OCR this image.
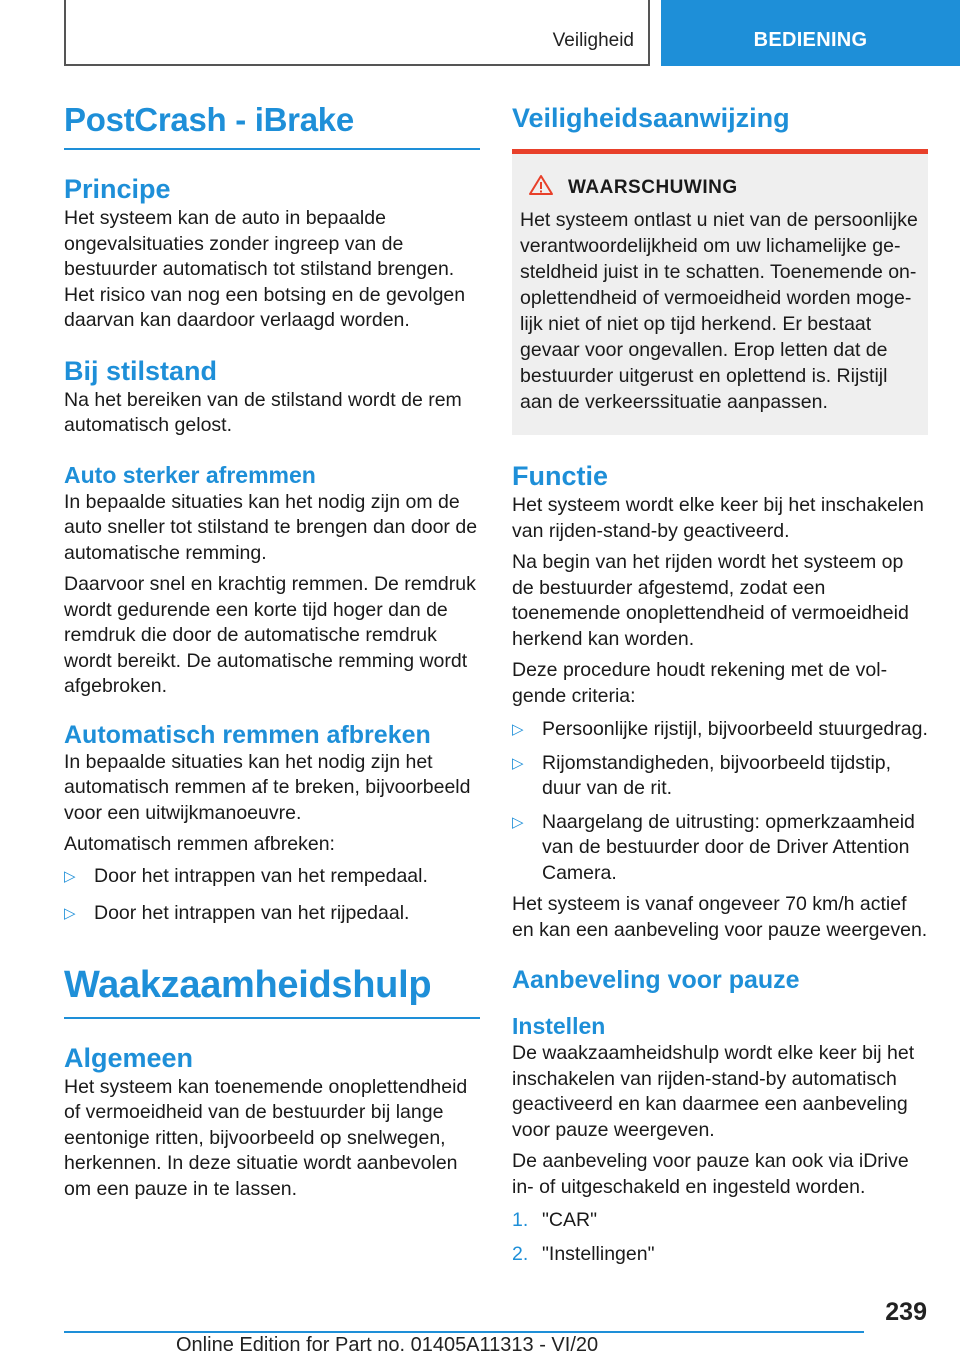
Veiligheid	BEDIENING
PostCrash - iBrake
Principe

Het systeem kan de auto in bepaalde ongevalsituaties zonder ingreep van de bestuurder automatisch tot stilstand brengen. Het risico van nog een botsing en de gevolgen daarvan kan daardoor verlaagd worden.

Bij stilstand

Na het bereiken van de stilstand wordt de rem automatisch gelost.

Auto sterker afremmen

In bepaalde situaties kan het nodig zijn om de auto sneller tot stilstand te brengen dan door de automatische remming.

Daarvoor snel en krachtig remmen. De remdruk wordt gedurende een korte tijd hoger dan de remdruk die door de automatische remdruk wordt bereikt. De automatische remming wordt afgebroken.

Automatisch remmen afbreken

In bepaalde situaties kan het nodig zijn het automatisch remmen af te breken, bijvoorbeeld voor een uitwijkmanoeuvre.

Automatisch remmen afbreken:

▷ Door het intrappen van het rempedaal.
▷ Door het intrappen van het rijpedaal.
Waakzaamheidshulp
Algemeen

Het systeem kan toenemende onoplettendheid of vermoeidheid van de bestuurder bij lange eentonige ritten, bijvoorbeeld op snelwegen, herkennen. In deze situatie wordt aanbevolen om een pauze in te lassen.

Veiligheidsaanwijzing
WAARSCHUWING

Het systeem ontlast u niet van de persoonlijke verantwoordelijkheid om uw lichamelijke gesteldheid juist in te schatten. Toenemende onoplettendheid of vermoeidheid worden mogelijk niet of niet op tijd herkend. Er bestaat gevaar voor ongevallen. Erop letten dat de bestuurder uitgerust en oplettend is. Rijstijl aan de verkeerssituatie aanpassen.

Functie

Het systeem wordt elke keer bij het inschakelen van rijden-stand-by geactiveerd.

Na begin van het rijden wordt het systeem op de bestuurder afgestemd, zodat een toenemende onoplettendheid of vermoeidheid herkend kan worden.

Deze procedure houdt rekening met de volgende criteria:

▷ Persoonlijke rijstijl, bijvoorbeeld stuurgedrag.
▷ Rijomstandigheden, bijvoorbeeld tijdstip, duur van de rit.
▷ Naargelang de uitrusting: opmerkzaamheid van de bestuurder door de Driver Attention Camera.

Het systeem is vanaf ongeveer 70 km/h actief en kan een aanbeveling voor pauze weergeven.

Aanbeveling voor pauze
Instellen

De waakzaamheidshulp wordt elke keer bij het inschakelen van rijden-stand-by automatisch geactiveerd en kan daarmee een aanbeveling voor pauze weergeven.

De aanbeveling voor pauze kan ook via iDrive in- of uitgeschakeld en ingesteld worden.

1. "CAR"
2. "Instellingen"
239
Online Edition for Part no. 01405A11313 - VI/20
